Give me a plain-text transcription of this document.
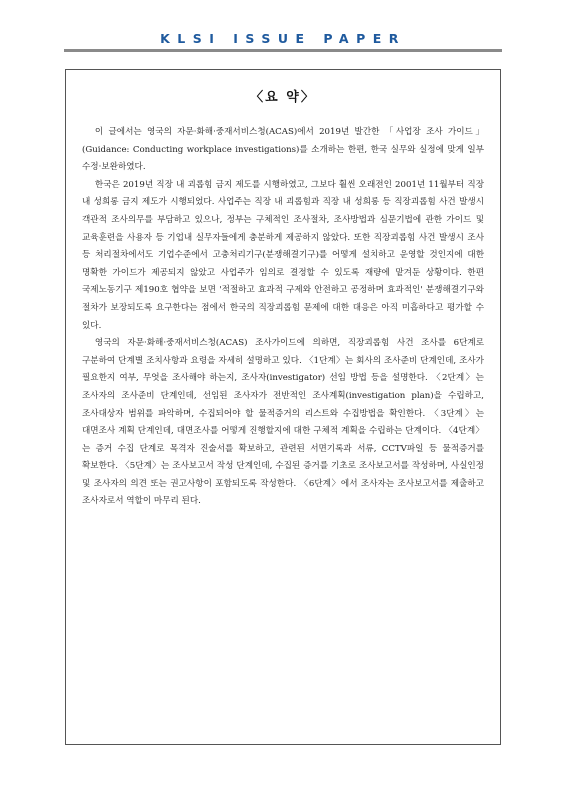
KLSI ISSUE PAPER
〈요 약〉

이 글에서는 영국의 자문·화해·중재서비스청(ACAS)에서 2019년 발간한 「사업장 조사 가이드」(Guidance: Conducting workplace investigations)를 소개하는 한편, 한국 실무와 실정에 맞게 일부 수정·보완하였다.

한국은 2019년 직장 내 괴롭힘 금지 제도를 시행하였고, 그보다 훨씬 오래전인 2001년 11월부터 직장 내 성희롱 금지 제도가 시행되었다. 사업주는 직장 내 괴롭힘과 직장 내 성희롱 등 직장괴롭힘 사건 발생시 객관적 조사의무를 부담하고 있으나, 정부는 구체적인 조사절차, 조사방법과 심문기법에 관한 가이드 및 교육훈련을 사용자 등 기업내 실무자들에게 충분하게 제공하지 않았다. 또한 직장괴롭힘 사건 발생시 조사 등 처리절차에서도 기업수준에서 고충처리기구(분쟁해결기구)를 어떻게 설치하고 운영할 것인지에 대한 명확한 가이드가 제공되지 않았고 사업주가 임의로 결정할 수 있도록 재량에 맡겨둔 상황이다. 한편 국제노동기구 제190호 협약을 보면 '적절하고 효과적 구제와 안전하고 공정하며 효과적인' 분쟁해결기구와 절차가 보장되도록 요구한다는 점에서 한국의 직장괴롭힘 문제에 대한 대응은 아직 미흡하다고 평가할 수 있다.

영국의 자문·화해·중재서비스청(ACAS) 조사가이드에 의하면, 직장괴롭힘 사건 조사를 6단계로 구분하여 단계별 조치사항과 요령을 자세히 설명하고 있다. 〈1단계〉는 회사의 조사준비 단계인데, 조사가 필요한지 여부, 무엇을 조사해야 하는지, 조사자(investigator) 선임 방법 등을 설명한다. 〈2단계〉는 조사자의 조사준비 단계인데, 선임된 조사자가 전반적인 조사계획(investigation plan)을 수립하고, 조사대상자 범위를 파악하며, 수집되어야 할 물적증거의 리스트와 수집방법을 확인한다. 〈3단계〉는 대면조사 계획 단계인데, 대면조사를 어떻게 진행할지에 대한 구체적 계획을 수립하는 단계이다. 〈4단계〉는 증거 수집 단계로 목격자 진술서를 확보하고, 관련된 서면기록과 서류, CCTV파일 등 물적증거를 확보한다. 〈5단계〉는 조사보고서 작성 단계인데, 수집된 증거를 기초로 조사보고서를 작성하며, 사실인정 및 조사자의 의견 또는 권고사항이 포함되도록 작성한다. 〈6단계〉에서 조사자는 조사보고서를 제출하고 조사자로서 역할이 마무리 된다.
